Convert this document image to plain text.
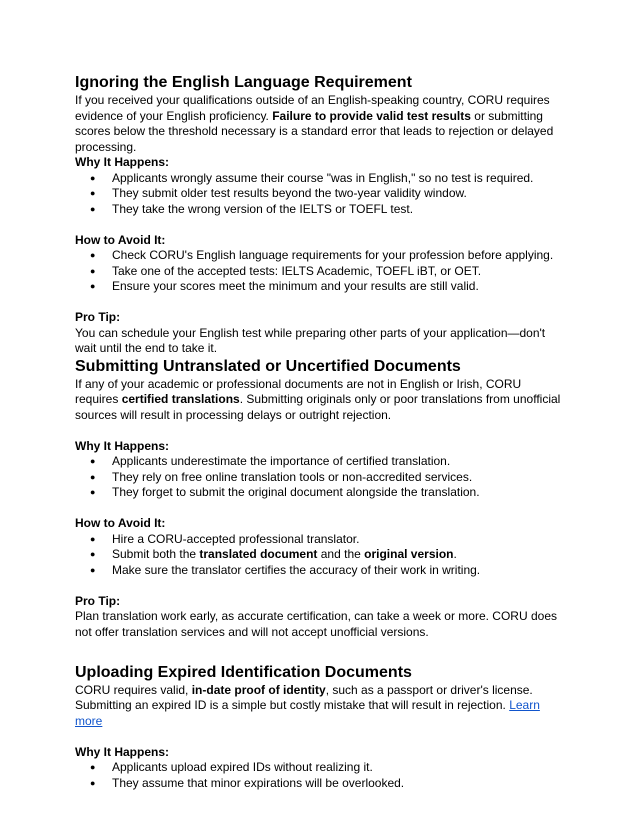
Ignoring the English Language Requirement

If you received your qualifications outside of an English-speaking country, CORU requires evidence of your English proficiency. Failure to provide valid test results or submitting scores below the threshold necessary is a standard error that leads to rejection or delayed processing.

Why It Happens:

● Applicants wrongly assume their course "was in English," so no test is required.
● They submit older test results beyond the two-year validity window.
● They take the wrong version of the IELTS or TOEFL test.

How to Avoid It:

● Check CORU's English language requirements for your profession before applying.
● Take one of the accepted tests: IELTS Academic, TOEFL iBT, or OET.
● Ensure your scores meet the minimum and your results are still valid.

Pro Tip:

You can schedule your English test while preparing other parts of your application—don't wait until the end to take it.

Submitting Untranslated or Uncertified Documents

If any of your academic or professional documents are not in English or Irish, CORU requires certified translations. Submitting originals only or poor translations from unofficial sources will result in processing delays or outright rejection.

Why It Happens:

● Applicants underestimate the importance of certified translation.
● They rely on free online translation tools or non-accredited services.
● They forget to submit the original document alongside the translation.

How to Avoid It:

● Hire a CORU-accepted professional translator.
● Submit both the translated document and the original version.
● Make sure the translator certifies the accuracy of their work in writing.

Pro Tip:

Plan translation work early, as accurate certification, can take a week or more. CORU does not offer translation services and will not accept unofficial versions.

Uploading Expired Identification Documents

CORU requires valid, in-date proof of identity, such as a passport or driver's license. Submitting an expired ID is a simple but costly mistake that will result in rejection. Learn more

Why It Happens:

● Applicants upload expired IDs without realizing it.
● They assume that minor expirations will be overlooked.
